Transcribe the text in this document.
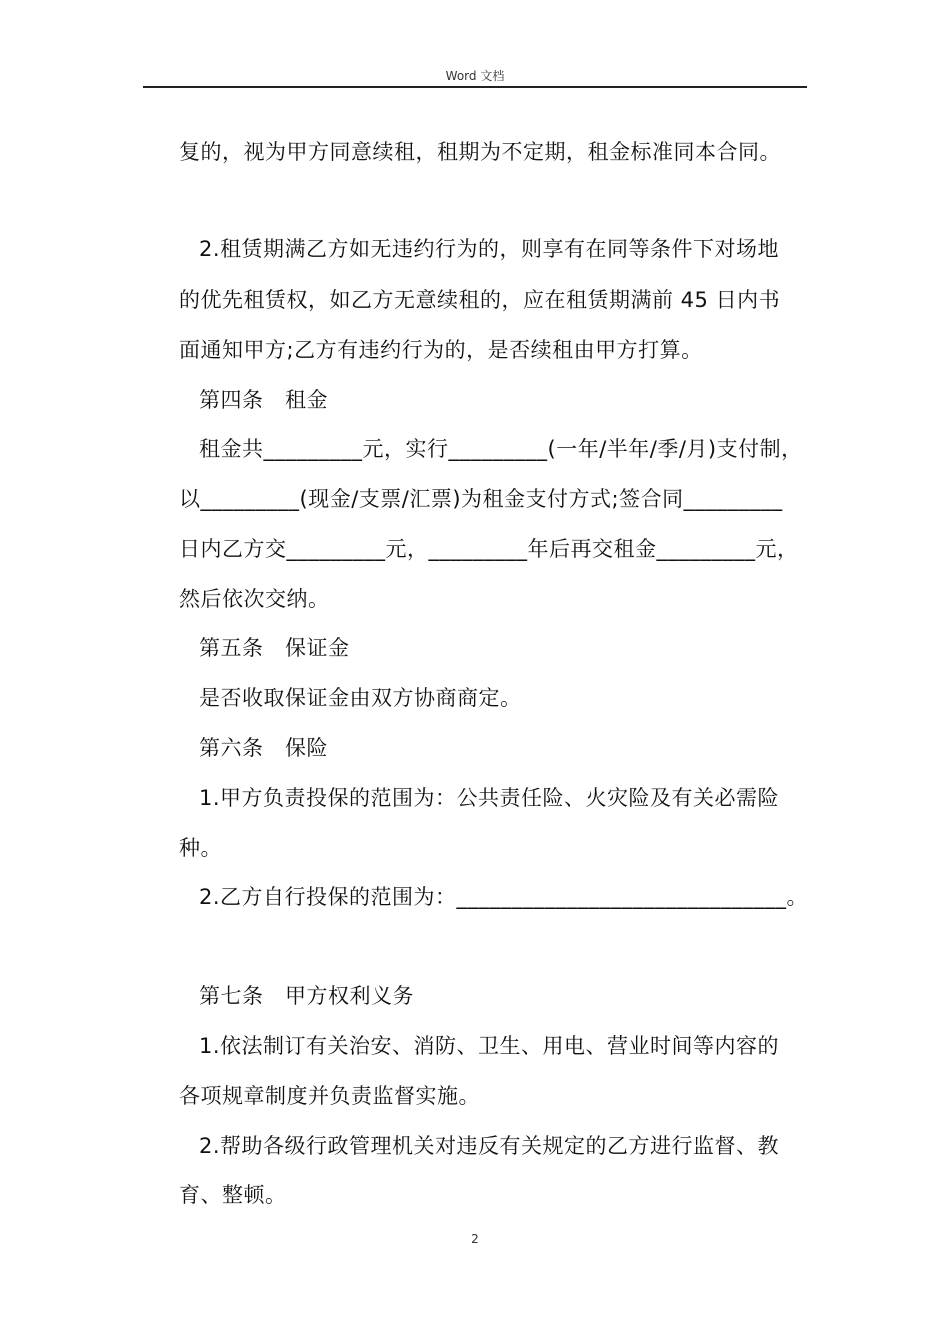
Word 文档
复的，视为甲方同意续租，租期为不定期，租金标准同本合同。
2.租赁期满乙方如无违约行为的，则享有在同等条件下对场地
的优先租赁权，如乙方无意续租的，应在租赁期满前 45 日内书
面通知甲方;乙方有违约行为的，是否续租由甲方打算。
第四条　租金
租金共_________元，实行_________(一年/半年/季/月)支付制，
以_________(现金/支票/汇票)为租金支付方式;签合同_________
日内乙方交_________元，_________年后再交租金_________元，
然后依次交纳。
第五条　保证金
是否收取保证金由双方协商商定。
第六条　保险
1.甲方负责投保的范围为：公共责任险、火灾险及有关必需险
种。
2.乙方自行投保的范围为：______________________________。
第七条　甲方权利义务
1.依法制订有关治安、消防、卫生、用电、营业时间等内容的
各项规章制度并负责监督实施。
2.帮助各级行政管理机关对违反有关规定的乙方进行监督、教
育、整顿。
2
